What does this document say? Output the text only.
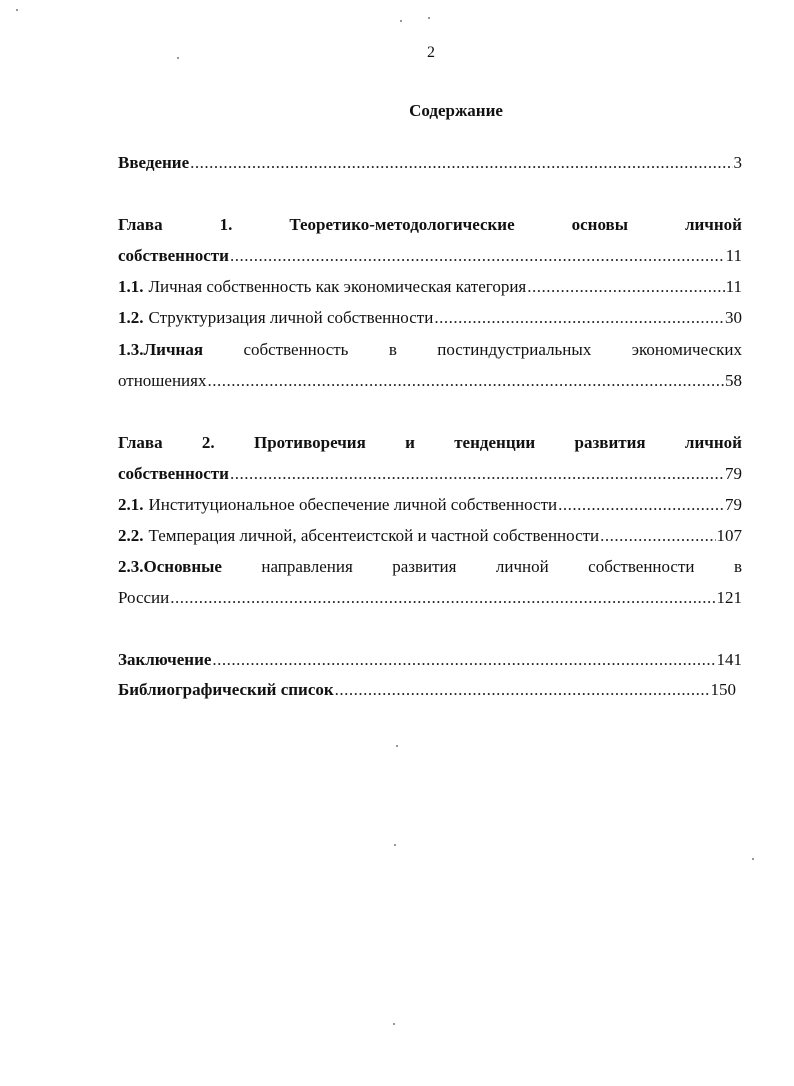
2
Содержание
Введение .....	3
Глава	1.	Теоретико-методологические	основы	личной
собственности .....	11
1.1. Личная собственность как экономическая категория .....	11
1.2. Структуризация личной собственности .....	30
1.3.Личная собственность в постиндустриальных экономических
отношениях .....	58
Глава 2. Противоречия и тенденции развития личной
собственности .....	79
2.1. Институциональное обеспечение личной собственности .....	79
2.2. Темперация личной, абсентеистской и частной собственности .....	107
2.3.Основные направления развития личной собственности в
России .....	121
Заключение .....	141
Библиографический список .....	150
